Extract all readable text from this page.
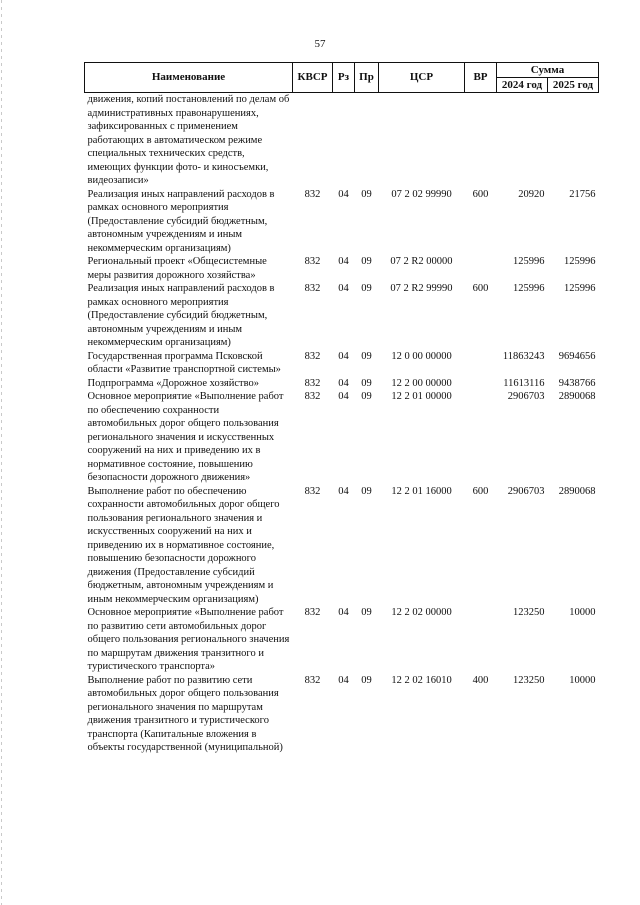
57
Наименование	КВСР	Рз	Пр	ЦСР	ВР	Сумма	
						2024 год	2025 год
движения, копий постановлений по делам об административных правонарушениях, зафиксированных с применением работающих в автоматическом режиме специальных технических средств, имеющих функции фото- и киносъемки, видеозаписи»							
Реализация иных направлений расходов в рамках основного мероприятия (Предоставление субсидий бюджетным, автономным учреждениям и иным некоммерческим организациям)	832	04	09	07 2 02 99990	600	20920	21756
Региональный проект «Общесистемные меры развития дорожного хозяйства»	832	04	09	07 2 R2 00000		125996	125996
Реализация иных направлений расходов в рамках основного мероприятия (Предоставление субсидий бюджетным, автономным учреждениям и иным некоммерческим организациям)	832	04	09	07 2 R2 99990	600	125996	125996
Государственная программа Псковской области «Развитие транспортной системы»	832	04	09	12 0 00 00000		11863243	9694656
Подпрограмма «Дорожное хозяйство»	832	04	09	12 2 00 00000		11613116	9438766
Основное мероприятие «Выполнение работ по обеспечению сохранности автомобильных дорог общего пользования регионального значения и искусственных сооружений на них и приведению их в нормативное состояние, повышению безопасности дорожного движения»	832	04	09	12 2 01 00000		2906703	2890068
Выполнение работ по обеспечению сохранности автомобильных дорог общего пользования регионального значения и искусственных сооружений на них и приведению их в нормативное состояние, повышению безопасности дорожного движения (Предоставление субсидий бюджетным, автономным учреждениям и иным некоммерческим организациям)	832	04	09	12 2 01 16000	600	2906703	2890068
Основное мероприятие «Выполнение работ по развитию сети автомобильных дорог общего пользования регионального значения по маршрутам движения транзитного и туристического транспорта»	832	04	09	12 2 02 00000		123250	10000
Выполнение работ по развитию сети автомобильных дорог общего пользования регионального значения по маршрутам движения транзитного и туристического транспорта (Капитальные вложения в объекты государственной (муниципальной)	832	04	09	12 2 02 16010	400	123250	10000
